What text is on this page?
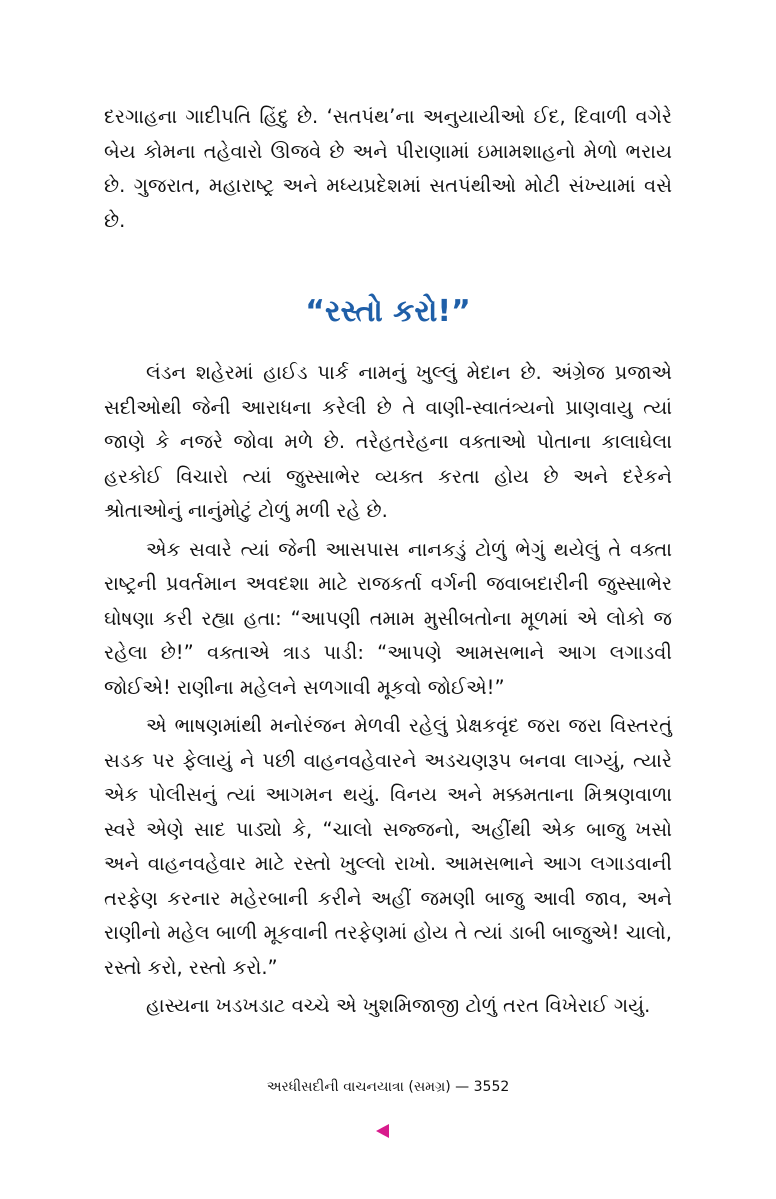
દરગાહના ગાદીપતિ હિંદુ છે. ‘સતપંથ’ના અનુયાયીઓ ઈદ, દિવાળી વગેરે બેય કોમના તહેવારો ઊજવે છે અને પીરાણામાં ઇમામશાહનો મેળો ભરાય છે. ગુજરાત, મહારાષ્ટ્ર અને મધ્યપ્રદેશમાં સતપંથીઓ મોટી સંખ્યામાં વસે છે.

“રસ્તો કરો!”

લંડન શહેરમાં હાઈડ પાર્ક નામનું ખુલ્લું મેદાન છે. અંગ્રેજ પ્રજાએ સદીઓથી જેની આરાધના કરેલી છે તે વાણી-સ્વાતંત્ર્યનો પ્રાણવાયુ ત્યાં જાણે કે નજરે જોવા મળે છે. તરેહતરેહના વક્તાઓ પોતાના કાલાઘેલા હરકોઈ વિચારો ત્યાં જુસ્સાભેર વ્યક્ત કરતા હોય છે અને દરેકને શ્રોતાઓનું નાનુંમોટું ટોળું મળી રહે છે.

એક સવારે ત્યાં જેની આસપાસ નાનકડું ટોળું ભેગું થયેલું તે વક્તા રાષ્ટ્રની પ્રવર્તમાન અવદશા માટે રાજકર્તા વર્ગની જવાબદારીની જુસ્સાભેર ઘોષણા કરી રહ્યા હતા: “આપણી તમામ મુસીબતોના મૂળમાં એ લોકો જ રહેલા છે!” વક્તાએ ત્રાડ પાડી: “આપણે આમસભાને આગ લગાડવી જોઈએ! રાણીના મહેલને સળગાવી મૂકવો જોઈએ!”

એ ભાષણમાંથી મનોરંજન મેળવી રહેલું પ્રેક્ષકવૃંદ જરા જરા વિસ્તરતું સડક પર ફેલાયું ને પછી વાહનવહેવારને અડચણરૂપ બનવા લાગ્યું, ત્યારે એક પોલીસનું ત્યાં આગમન થયું. વિનય અને મક્કમતાના મિશ્રણવાળા સ્વરે એણે સાદ પાડ્યો કે, “ચાલો સજ્જનો, અહીંથી એક બાજુ ખસો અને વાહનવહેવાર માટે રસ્તો ખુલ્લો રાખો. આમસભાને આગ લગાડવાની તરફેણ કરનાર મહેરબાની કરીને અહીં જમણી બાજુ આવી જાવ, અને રાણીનો મહેલ બાળી મૂકવાની તરફેણમાં હોય તે ત્યાં ડાબી બાજુએ! ચાલો, રસ્તો કરો, રસ્તો કરો.”

હાસ્યના ખડખડાટ વચ્ચે એ ખુશમિજાજી ટોળું તરત વિખેરાઈ ગયું.

અરધીસદીની વાચનયાત્રા (સમગ્ર) — 3552
